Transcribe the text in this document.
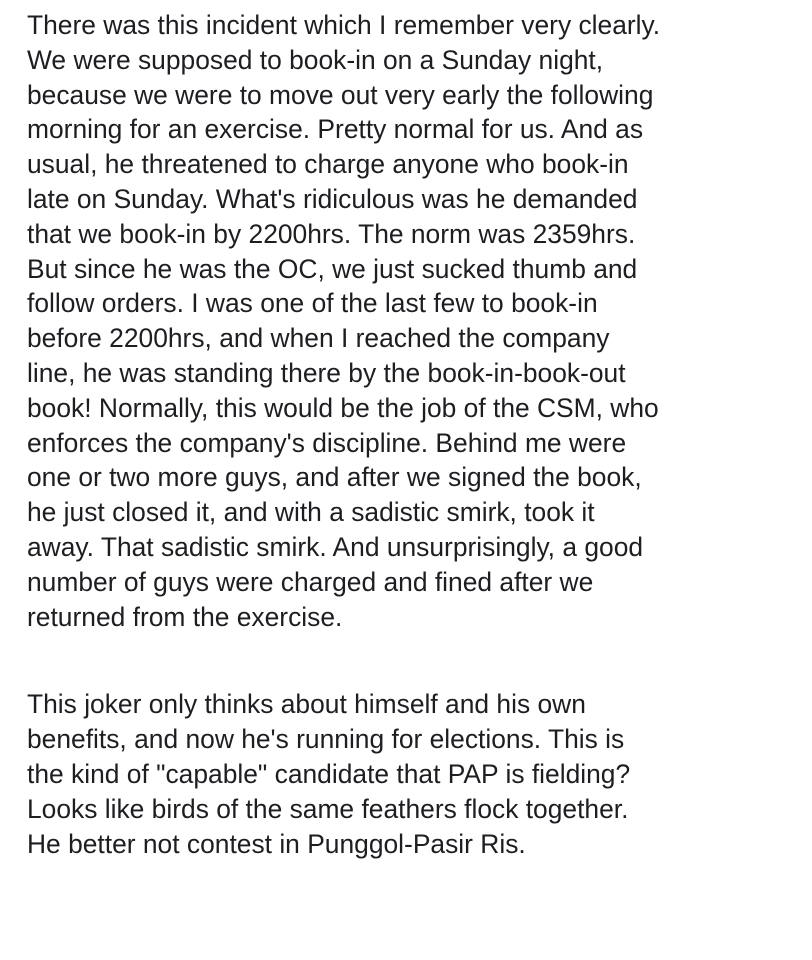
There was this incident which I remember very clearly.
We were supposed to book-in on a Sunday night,
because we were to move out very early the following
morning for an exercise. Pretty normal for us. And as
usual, he threatened to charge anyone who book-in
late on Sunday. What's ridiculous was he demanded
that we book-in by 2200hrs. The norm was 2359hrs.
But since he was the OC, we just sucked thumb and
follow orders. I was one of the last few to book-in
before 2200hrs, and when I reached the company
line, he was standing there by the book-in-book-out
book! Normally, this would be the job of the CSM, who
enforces the company's discipline. Behind me were
one or two more guys, and after we signed the book,
he just closed it, and with a sadistic smirk, took it
away. That sadistic smirk. And unsurprisingly, a good
number of guys were charged and fined after we
returned from the exercise.
This joker only thinks about himself and his own
benefits, and now he's running for elections. This is
the kind of "capable" candidate that PAP is fielding?
Looks like birds of the same feathers flock together.
He better not contest in Punggol-Pasir Ris.
